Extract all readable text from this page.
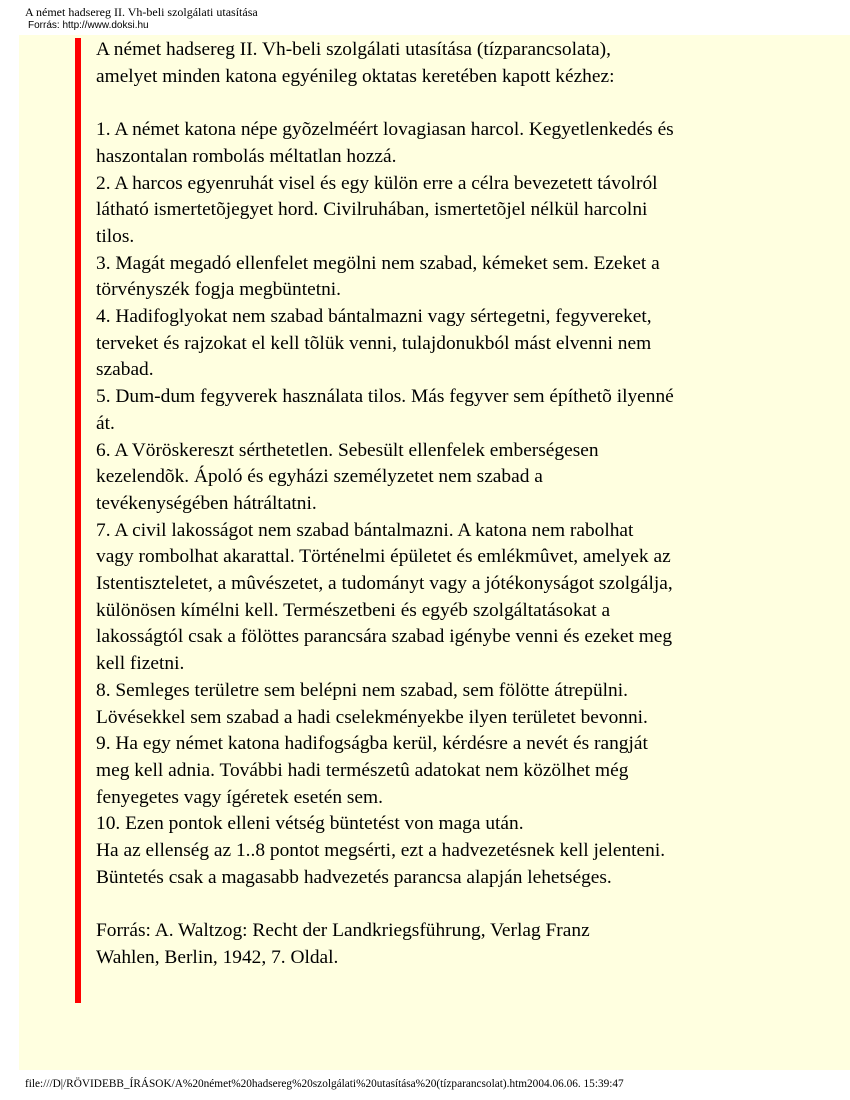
A német hadsereg II. Vh-beli szolgálati utasítása
Forrás: http://www.doksi.hu

A német hadsereg II. Vh-beli szolgálati utasítása (tízparancsolata),

amelyet minden katona egyénileg oktatas keretében kapott kézhez:

1. A német katona népe gyõzelméért lovagiasan harcol. Kegyetlenkedés és

haszontalan rombolás méltatlan hozzá.

2. A harcos egyenruhát visel és egy külön erre a célra bevezetett távolról

látható ismertetõjegyet hord. Civilruhában, ismertetõjel nélkül harcolni

tilos.

3. Magát megadó ellenfelet megölni nem szabad, kémeket sem. Ezeket a

törvényszék fogja megbüntetni.

4. Hadifoglyokat nem szabad bántalmazni vagy sértegetni, fegyvereket,

terveket és rajzokat el kell tõlük venni, tulajdonukból mást elvenni nem

szabad.

5. Dum-dum fegyverek használata tilos. Más fegyver sem építhetõ ilyenné

át.

6. A Vöröskereszt sérthetetlen. Sebesült ellenfelek emberségesen

kezelendõk. Ápoló és egyházi személyzetet nem szabad a

tevékenységében hátráltatni.

7. A civil lakosságot nem szabad bántalmazni. A katona nem rabolhat

vagy rombolhat akarattal. Történelmi épületet és emlékmûvet, amelyek az

Istentiszteletet, a mûvészetet, a tudományt vagy a jótékonyságot szolgálja,

különösen kímélni kell. Természetbeni és egyéb szolgáltatásokat a

lakosságtól csak a fölöttes parancsára szabad igénybe venni és ezeket meg

kell fizetni.

8. Semleges területre sem belépni nem szabad, sem fölötte átrepülni.

Lövésekkel sem szabad a hadi cselekményekbe ilyen területet bevonni.

9. Ha egy német katona hadifogságba kerül, kérdésre a nevét és rangját

meg kell adnia. További hadi természetû adatokat nem közölhet még

fenyegetes vagy ígéretek esetén sem.

10. Ezen pontok elleni vétség büntetést von maga után.

Ha az ellenség az 1..8 pontot megsérti, ezt a hadvezetésnek kell jelenteni.

Büntetés csak a magasabb hadvezetés parancsa alapján lehetséges.

Forrás: A. Waltzog: Recht der Landkriegsführung, Verlag Franz

Wahlen, Berlin, 1942, 7. Oldal.

file:///D|/RÖVIDEBB_ÍRÁSOK/A%20német%20hadsereg%20szolgálati%20utasítása%20(tízparancsolat).htm2004.06.06. 15:39:47
